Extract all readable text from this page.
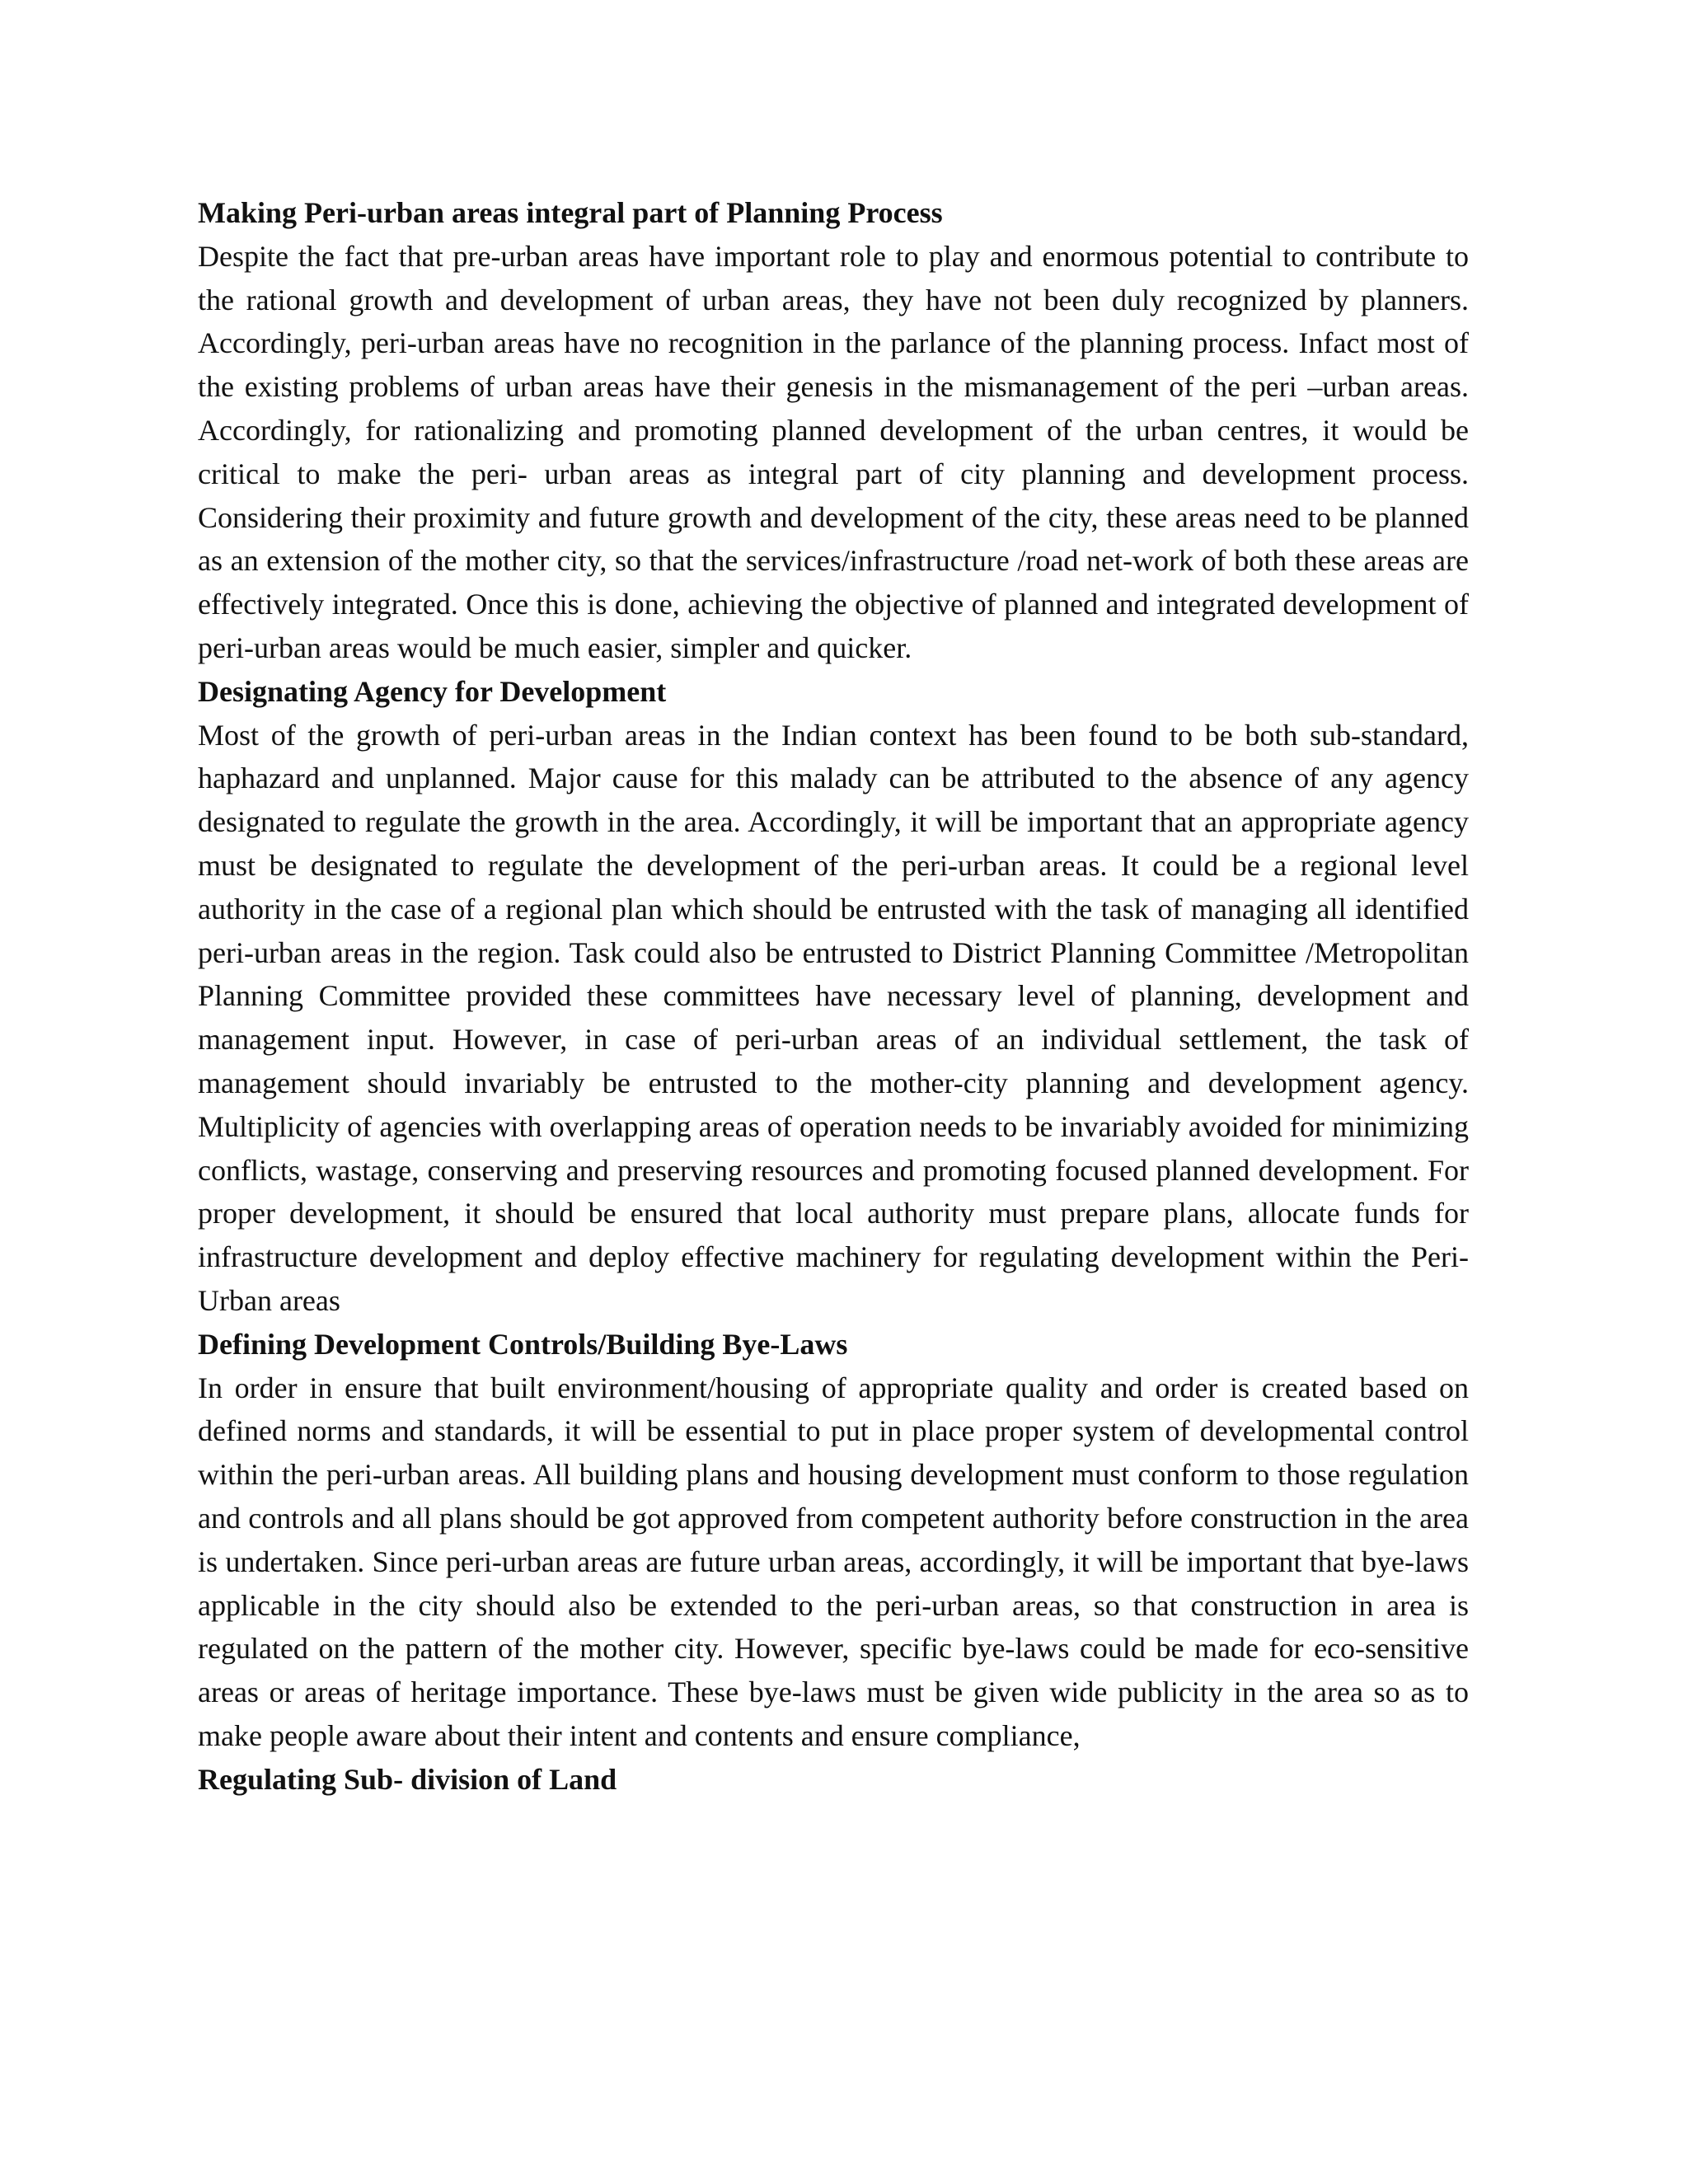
Making Peri-urban areas integral part of Planning Process

Despite the fact that pre-urban areas have important role to play and enormous potential to contribute to the rational growth and development of urban areas, they have not been duly recognized by planners. Accordingly, peri-urban areas have no recognition in the parlance of the planning process. Infact most of the existing problems of urban areas have their genesis in the mismanagement of the peri –urban areas. Accordingly, for rationalizing and promoting planned development of the urban centres, it would be critical to make the peri- urban areas as integral part of city planning and development process. Considering their proximity and future growth and development of the city, these areas need to be planned as an extension of the mother city, so that the services/infrastructure /road net-work of both these areas are effectively integrated. Once this is done, achieving the objective of planned and integrated development of peri-urban areas would be much easier, simpler and quicker.

Designating Agency for Development

Most of the growth of peri-urban areas in the Indian context has been found to be both sub-standard, haphazard and unplanned. Major cause for this malady can be attributed to the absence of any agency designated to regulate the growth in the area. Accordingly, it will be important that an appropriate agency must be designated to regulate the development of the peri-urban areas. It could be a regional level authority in the case of a regional plan which should be entrusted with the task of managing all identified peri-urban areas in the region. Task could also be entrusted to District Planning Committee /Metropolitan Planning Committee provided these committees have necessary level of planning, development and management input. However, in case of peri-urban areas of an individual settlement, the task of management should invariably be entrusted to the mother-city planning and development agency. Multiplicity of agencies with overlapping areas of operation needs to be invariably avoided for minimizing conflicts, wastage, conserving and preserving resources and promoting focused planned development. For proper development, it should be ensured that local authority must prepare plans, allocate funds for infrastructure development and deploy effective machinery for regulating development within the Peri-Urban areas

Defining Development Controls/Building Bye-Laws

In order in ensure that built environment/housing of appropriate quality and order is created based on defined norms and standards, it will be essential to put in place proper system of developmental control within the peri-urban areas. All building plans and housing development must conform to those regulation and controls and all plans should be got approved from competent authority before construction in the area is undertaken. Since peri-urban areas are future urban areas, accordingly, it will be important that bye-laws applicable in the city should also be extended to the peri-urban areas, so that construction in area is regulated on the pattern of the mother city. However, specific bye-laws could be made for eco-sensitive areas or areas of heritage importance. These bye-laws must be given wide publicity in the area so as to make people aware about their intent and contents and ensure compliance,

Regulating Sub- division of Land
